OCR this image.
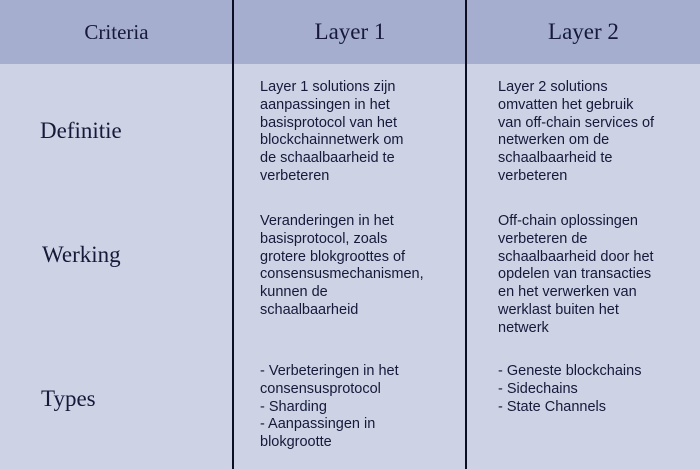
Criteria	Layer 1	Layer 2
Definitie
Layer 1 solutions zijn
aanpassingen in het
basisprotocol van het
blockchainnetwerk om
de schaalbaarheid te
verbeteren
Layer 2 solutions
omvatten het gebruik
van off-chain services of
netwerken om de
schaalbaarheid te
verbeteren
Werking
Veranderingen in het
basisprotocol, zoals
grotere blokgroottes of
consensusmechanismen,
kunnen de
schaalbaarheid
Off-chain oplossingen
verbeteren de
schaalbaarheid door het
opdelen van transacties
en het verwerken van
werklast buiten het
netwerk
Types
- Verbeteringen in het
consensusprotocol
- Sharding
- Aanpassingen in
blokgrootte
- Geneste blockchains
- Sidechains
- State Channels
